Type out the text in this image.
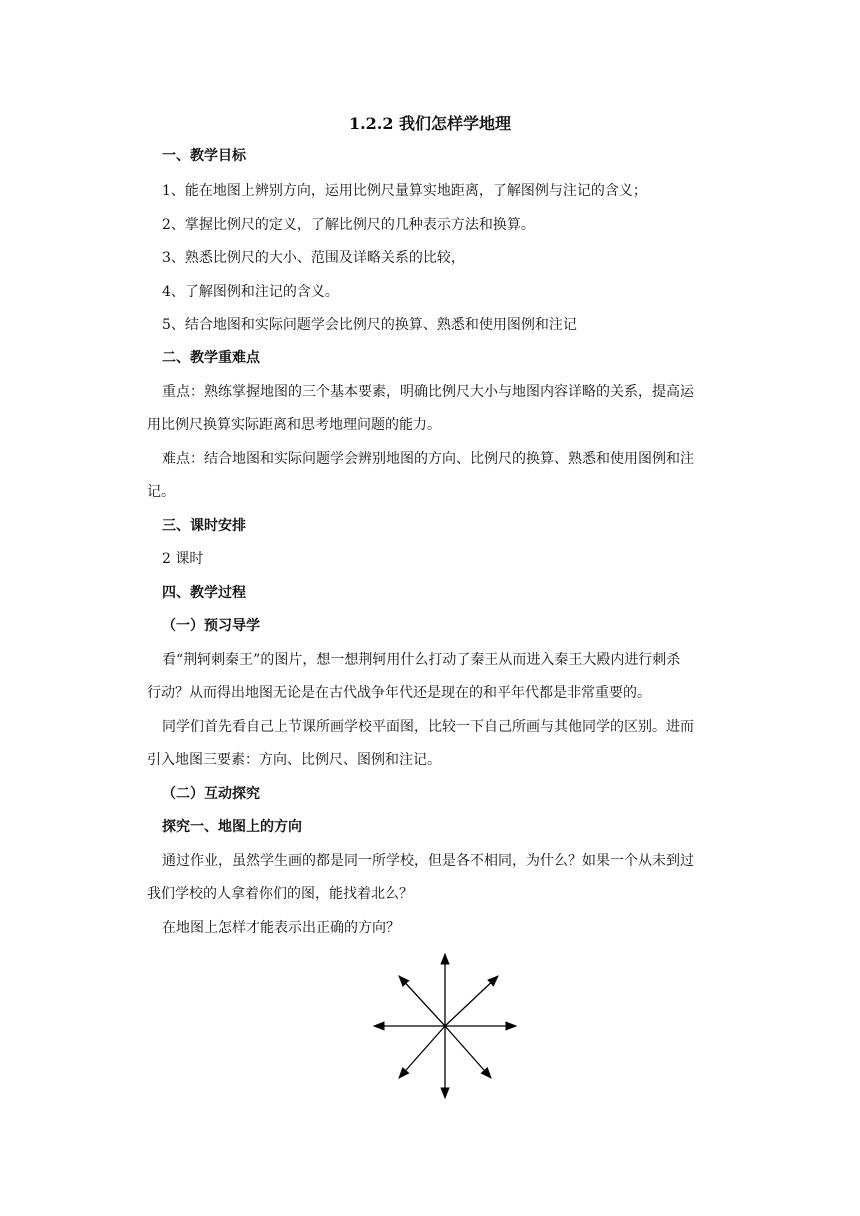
1.2.2 我们怎样学地理
一、教学目标
1、能在地图上辨别方向，运用比例尺量算实地距离，了解图例与注记的含义；
2、掌握比例尺的定义，了解比例尺的几种表示方法和换算。
3、熟悉比例尺的大小、范围及详略关系的比较，
4、了解图例和注记的含义。
5、结合地图和实际问题学会比例尺的换算、熟悉和使用图例和注记
二、教学重难点
重点：熟练掌握地图的三个基本要素，明确比例尺大小与地图内容详略的关系，提高运
用比例尺换算实际距离和思考地理问题的能力。
难点：结合地图和实际问题学会辨别地图的方向、比例尺的换算、熟悉和使用图例和注
记。
三、课时安排
2 课时
四、教学过程
（一）预习导学
看“荆轲刺秦王”的图片，想一想荆轲用什么打动了秦王从而进入秦王大殿内进行刺杀
行动？从而得出地图无论是在古代战争年代还是现在的和平年代都是非常重要的。
同学们首先看自己上节课所画学校平面图，比较一下自己所画与其他同学的区别。进而
引入地图三要素：方向、比例尺、图例和注记。
（二）互动探究
探究一、地图上的方向
通过作业，虽然学生画的都是同一所学校，但是各不相同，为什么？如果一个从未到过
我们学校的人拿着你们的图，能找着北么？
在地图上怎样才能表示出正确的方向？
